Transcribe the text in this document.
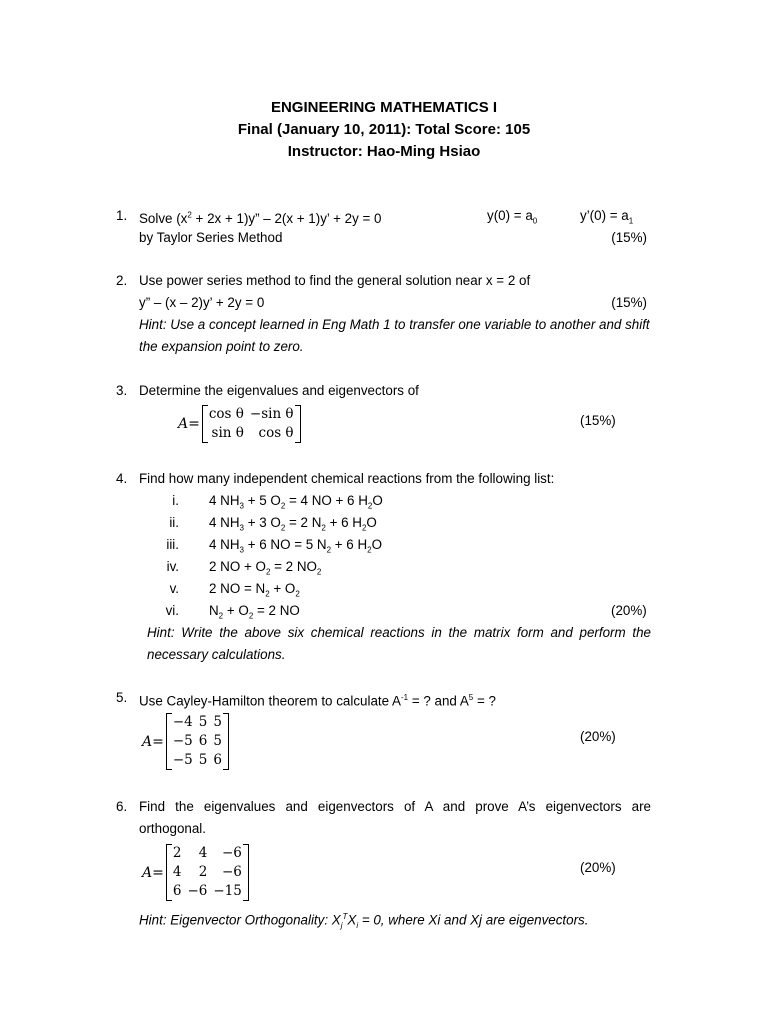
ENGINEERING MATHEMATICS I
Final (January 10, 2011): Total Score: 105
Instructor: Hao-Ming Hsiao
1. Solve $(x^2 + 2x + 1)y$” – 2(x + 1)y’ + 2y = 0	$y(0) = a_0$	y’(0) = $a_1$
by Taylor Series Method	(15%)
2. Use power series method to find the general solution near x = 2 of
y” – (x – 2)y’ + 2y = 0	(15%)
Hint: Use a concept learned in Eng Math 1 to transfer one variable to another and shift the expansion point to zero.
3. Determine the eigenvalues and eigenvectors of
A=
cos θ	−sin θ
sin θ	cos θ
(15%)
4. Find how many independent chemical reactions from the following list:
i. 4 $NH_3 + 5$ $O_2 = 4$ NO + 6 $H_2O$
ii. 4 $NH_3 + 3$ $O_2 = 2$ $N_2 + 6$ $H_2O$
iii. 4 $NH_3 + 6$ NO = 5 $N_2 + 6$ $H_2O$
iv. 2 NO + $O_2 = 2$ $NO_2$
v. 2 NO = $N_2 + O_2$
vi. $N_2 + O_2 = 2$ NO	(20%)
Hint: Write the above six chemical reactions in the matrix form and perform the necessary calculations.
5. Use Cayley-Hamilton theorem to calculate $A^{-1}$ = ? and $A^5$ = ?
A=
−4	5	5
−5	6	5
−5	5	6
(20%)
6. Find the eigenvalues and eigenvectors of A and prove A’s eigenvectors are orthogonal.
A=
2	4	−6
4	2	−6
6	−6	−15
(20%)
Hint: Eigenvector Orthogonality: $X_j^TX_i = 0$, where Xi and Xj are eigenvectors.
